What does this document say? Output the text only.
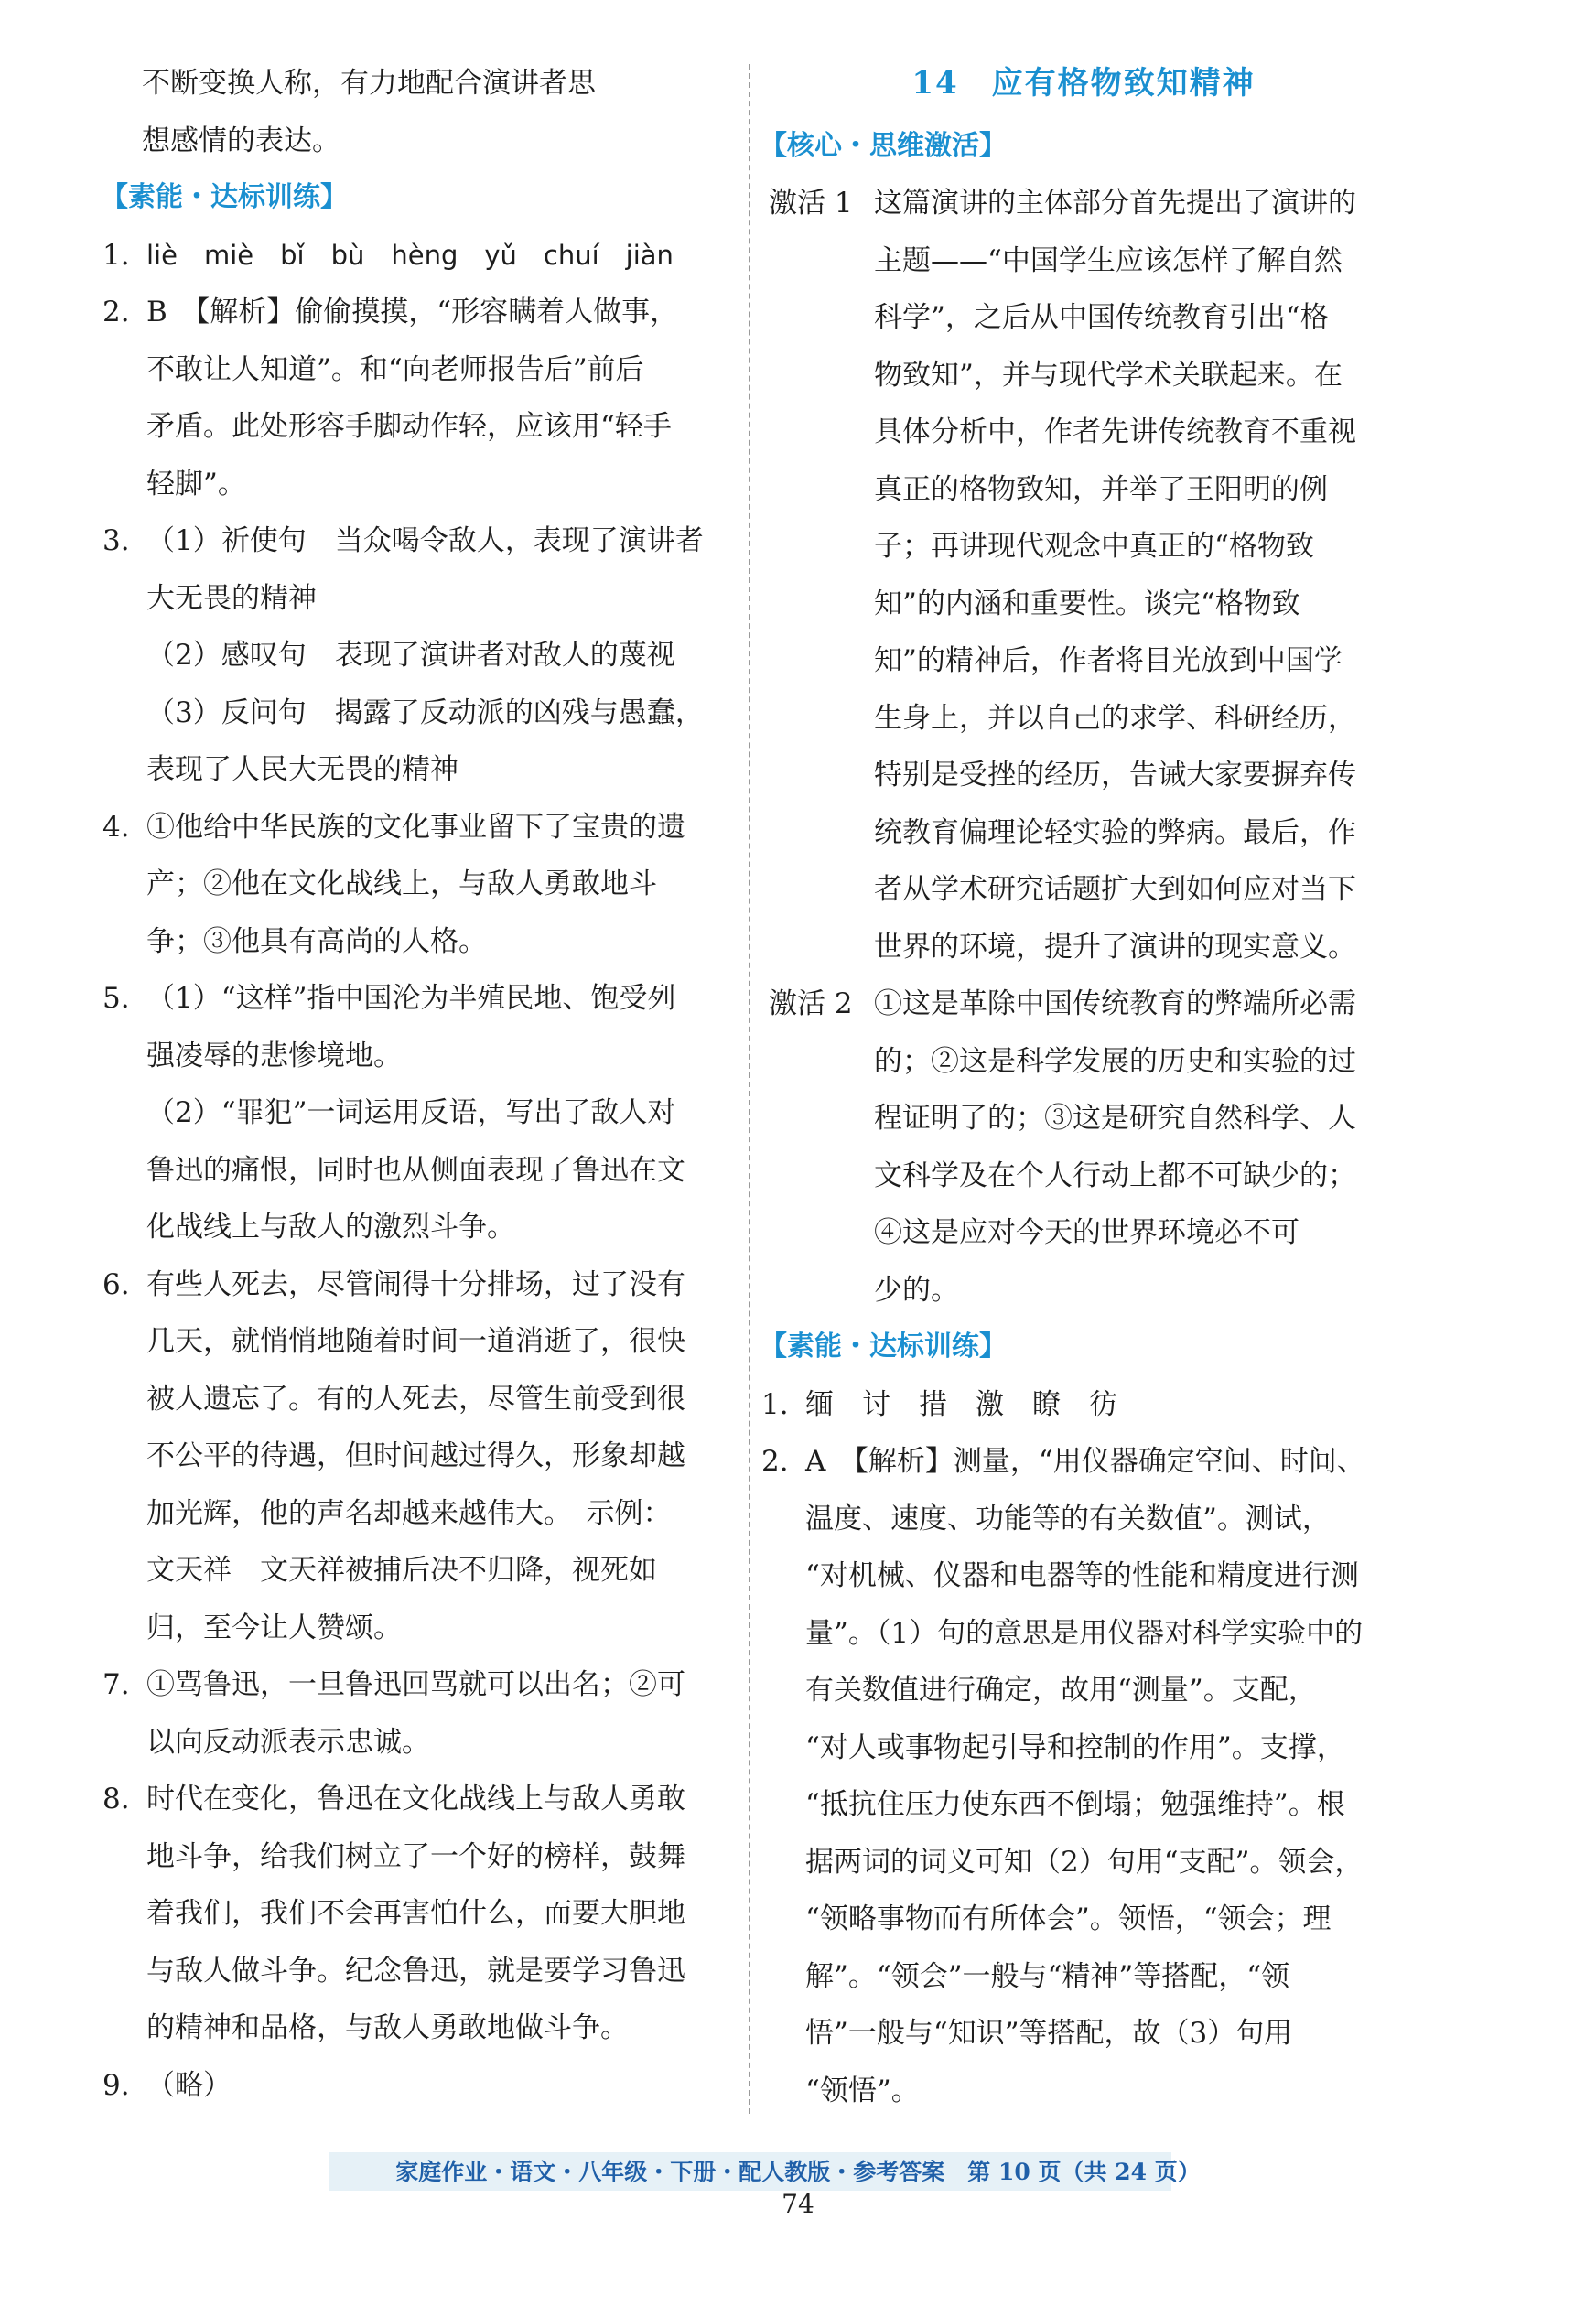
不断变换人称，有力地配合演讲者思

想感情的表达。

【素能・达标训练】

1. liè　miè　bǐ　bù　hèng　yǔ　chuí　jiàn
2. B　【解析】偷偷摸摸，“形容瞒着人做事，
不敢让人知道”。和“向老师报告后”前后
矛盾。此处形容手脚动作轻，应该用“轻手
轻脚”。
3. （1）祈使句　当众喝令敌人，表现了演讲者
大无畏的精神

（2）感叹句　表现了演讲者对敌人的蔑视

（3）反问句　揭露了反动派的凶残与愚蠢，

表现了人民大无畏的精神

4. ①他给中华民族的文化事业留下了宝贵的遗
产；②他在文化战线上，与敌人勇敢地斗
争；③他具有高尚的人格。
5. （1）“这样”指中国沦为半殖民地、饱受列
强凌辱的悲惨境地。

（2）“罪犯”一词运用反语，写出了敌人对

鲁迅的痛恨，同时也从侧面表现了鲁迅在文

化战线上与敌人的激烈斗争。

6. 有些人死去，尽管闹得十分排场，过了没有
几天，就悄悄地随着时间一道消逝了，很快
被人遗忘了。有的人死去，尽管生前受到很
不公平的待遇，但时间越过得久，形象却越
加光辉，他的声名却越来越伟大。　示例：
文天祥　文天祥被捕后决不归降，视死如
归，至今让人赞颂。
7. ①骂鲁迅，一旦鲁迅回骂就可以出名；②可
以向反动派表示忠诚。
8. 时代在变化，鲁迅在文化战线上与敌人勇敢
地斗争，给我们树立了一个好的榜样，鼓舞
着我们，我们不会再害怕什么，而要大胆地
与敌人做斗争。纪念鲁迅，就是要学习鲁迅
的精神和品格，与敌人勇敢地做斗争。
9. （略）

14　应有格物致知精神

【核心・思维激活】

激活 1 这篇演讲的主体部分首先提出了演讲的
主题——“中国学生应该怎样了解自然
科学”，之后从中国传统教育引出“格
物致知”，并与现代学术关联起来。在
具体分析中，作者先讲传统教育不重视
真正的格物致知，并举了王阳明的例
子；再讲现代观念中真正的“格物致
知”的内涵和重要性。谈完“格物致
知”的精神后，作者将目光放到中国学
生身上，并以自己的求学、科研经历，
特别是受挫的经历，告诫大家要摒弃传
统教育偏理论轻实验的弊病。最后，作
者从学术研究话题扩大到如何应对当下
世界的环境，提升了演讲的现实意义。
激活 2 ①这是革除中国传统教育的弊端所必需
的；②这是科学发展的历史和实验的过
程证明了的；③这是研究自然科学、人
文科学及在个人行动上都不可缺少的；
④这是应对今天的世界环境必不可
少的。

【素能・达标训练】

1. 缅　讨　措　激　瞭　彷
2. A　【解析】测量，“用仪器确定空间、时间、
温度、速度、功能等的有关数值”。测试，
“对机械、仪器和电器等的性能和精度进行测
量”。（1）句的意思是用仪器对科学实验中的
有关数值进行确定，故用“测量”。支配，
“对人或事物起引导和控制的作用”。支撑，
“抵抗住压力使东西不倒塌；勉强维持”。根
据两词的词义可知（2）句用“支配”。领会，
“领略事物而有所体会”。领悟，“领会；理
解”。“领会”一般与“精神”等搭配，“领
悟”一般与“知识”等搭配，故（3）句用
“领悟”。
家庭作业・语文・八年级・下册・配人教版・参考答案　第 10 页（共 24 页）
74
